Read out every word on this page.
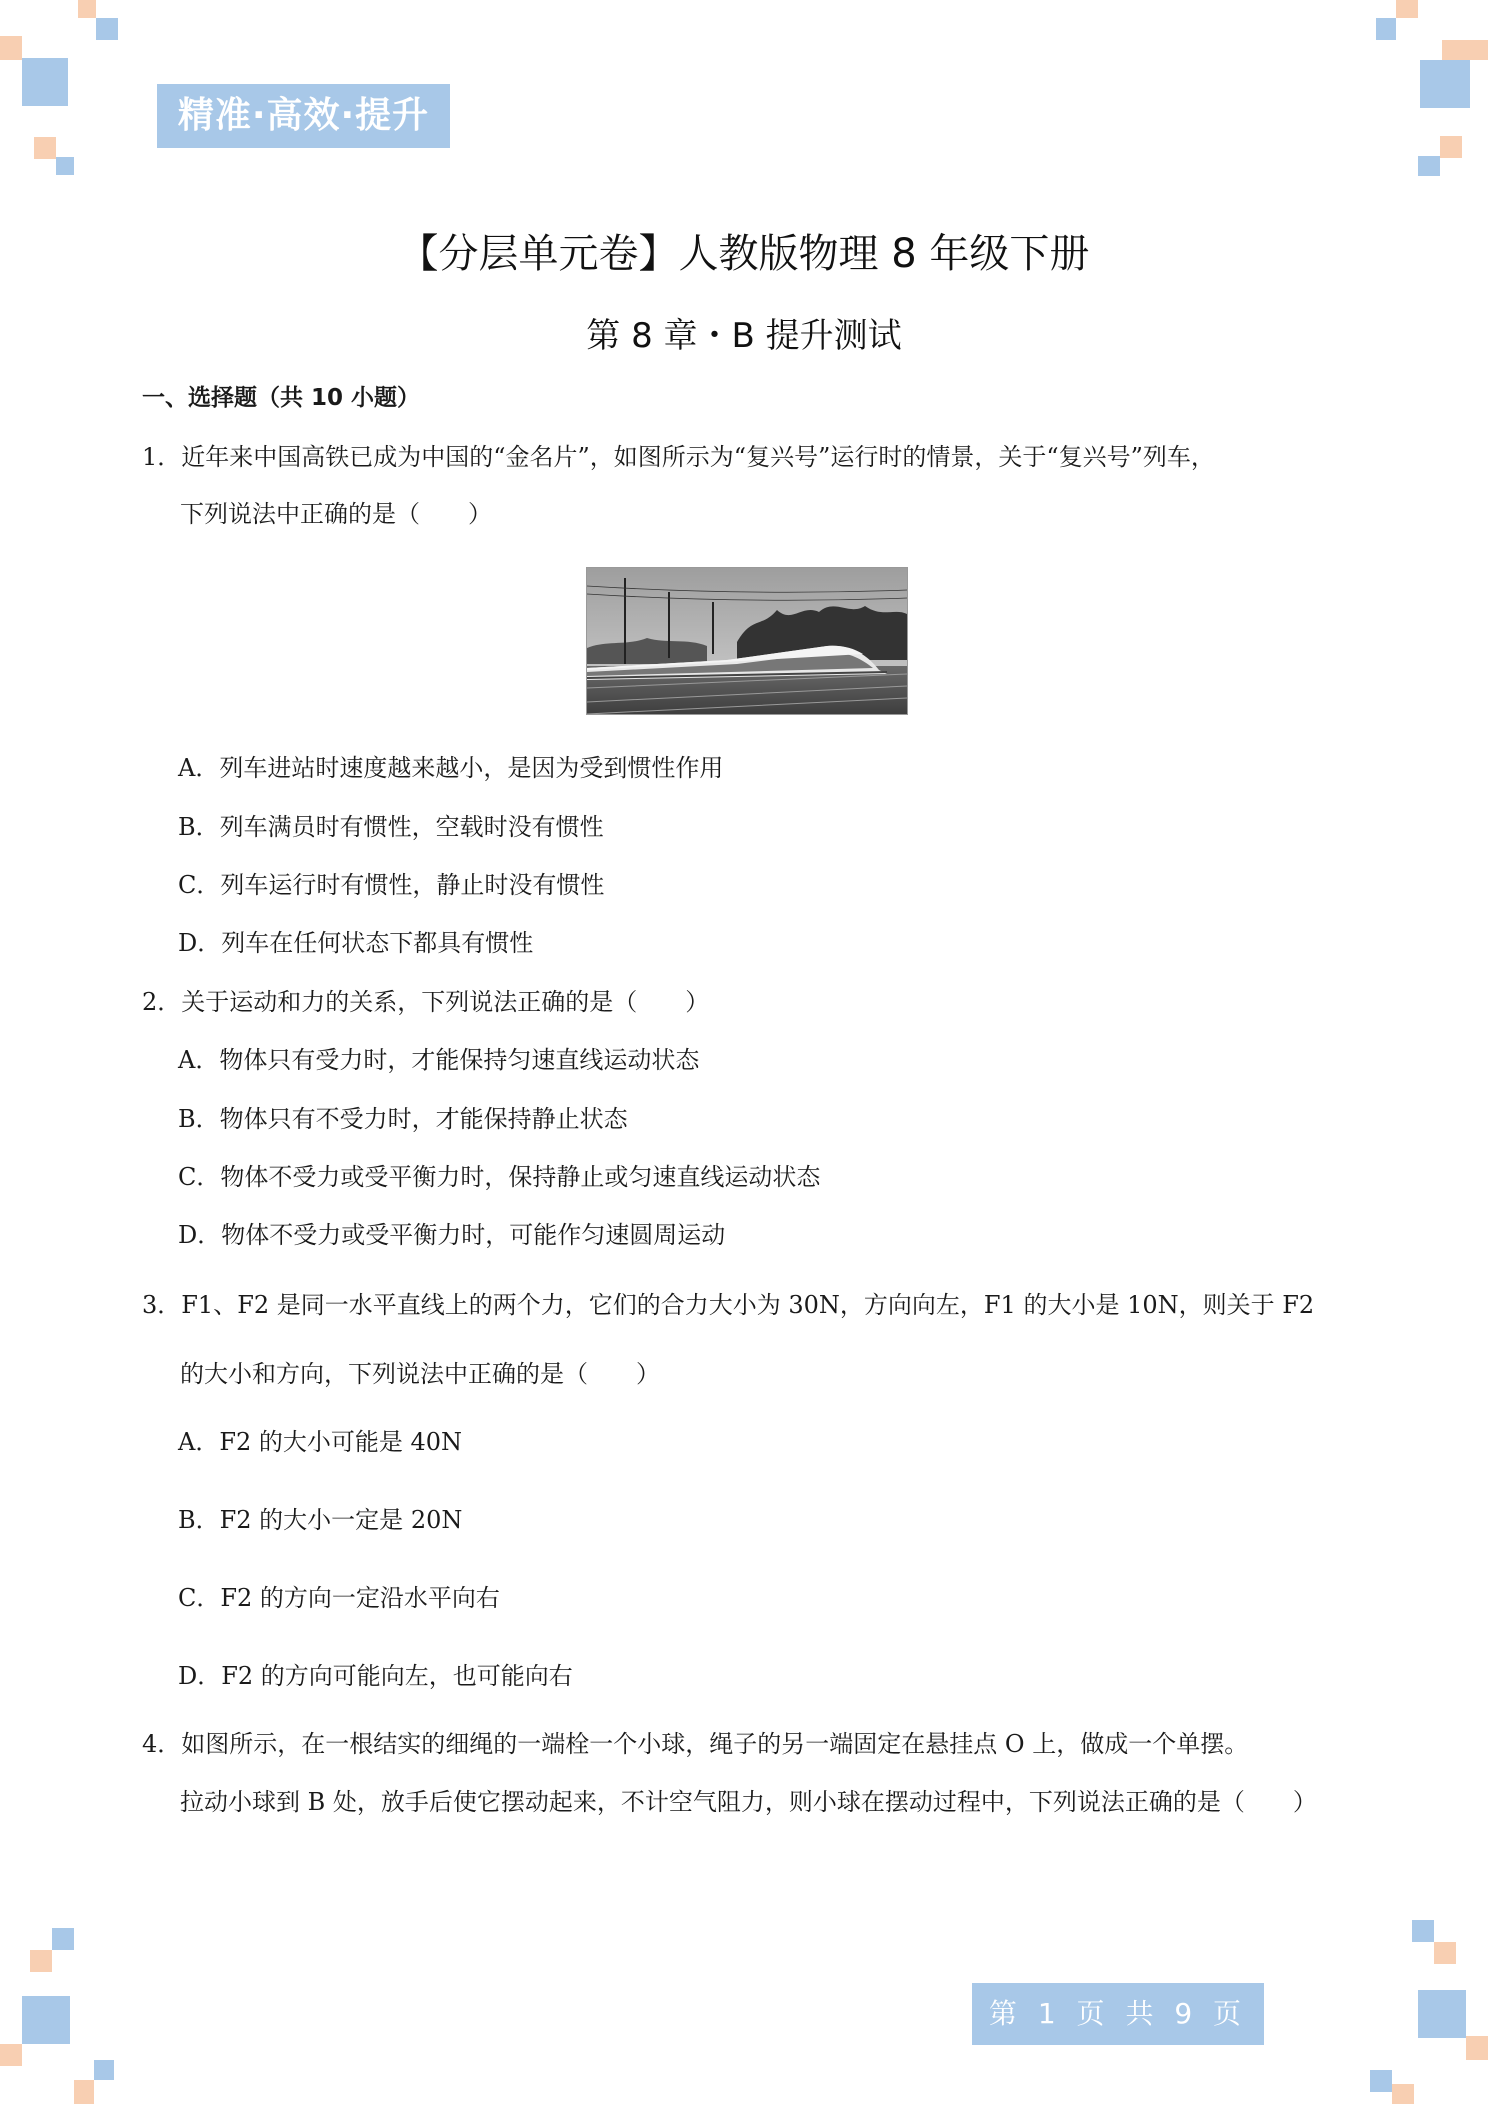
精准·高效·提升
【分层单元卷】人教版物理 8 年级下册
第 8 章・B 提升测试
一、选择题（共 10 小题）
1．近年来中国高铁已成为中国的“金名片”，如图所示为“复兴号”运行时的情景，关于“复兴号”列车，
下列说法中正确的是（　　）
A．列车进站时速度越来越小，是因为受到惯性作用
B．列车满员时有惯性，空载时没有惯性
C．列车运行时有惯性，静止时没有惯性
D．列车在任何状态下都具有惯性
2．关于运动和力的关系，下列说法正确的是（　　）
A．物体只有受力时，才能保持匀速直线运动状态
B．物体只有不受力时，才能保持静止状态
C．物体不受力或受平衡力时，保持静止或匀速直线运动状态
D．物体不受力或受平衡力时，可能作匀速圆周运动
3．F1、F2 是同一水平直线上的两个力，它们的合力大小为 30N，方向向左，F1 的大小是 10N，则关于 F2
的大小和方向，下列说法中正确的是（　　）
A．F2 的大小可能是 40N
B．F2 的大小一定是 20N
C．F2 的方向一定沿水平向右
D．F2 的方向可能向左，也可能向右
4．如图所示，在一根结实的细绳的一端栓一个小球，绳子的另一端固定在悬挂点 O 上，做成一个单摆。
拉动小球到 B 处，放手后使它摆动起来，不计空气阻力，则小球在摆动过程中，下列说法正确的是（　　）
第 1 页 共 9 页
